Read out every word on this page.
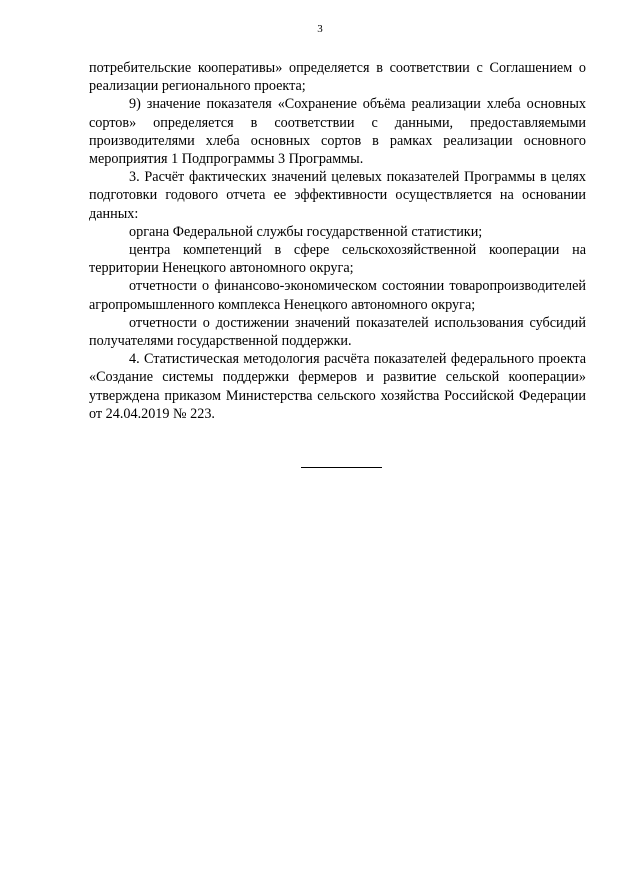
3

потребительские кооперативы» определяется в соответствии с Соглашением о реализации регионального проекта;

9) значение показателя «Сохранение объёма реализации хлеба основных сортов» определяется в соответствии с данными, предоставляемыми производителями хлеба основных сортов в рамках реализации основного мероприятия 1 Подпрограммы 3 Программы.

3. Расчёт фактических значений целевых показателей Программы в целях подготовки годового отчета ее эффективности осуществляется на основании данных:

органа Федеральной службы государственной статистики;

центра компетенций в сфере сельскохозяйственной кооперации на территории Ненецкого автономного округа;

отчетности о финансово-экономическом состоянии товаропроизводителей агропромышленного комплекса Ненецкого автономного округа;

отчетности о достижении значений показателей использования субсидий получателями государственной поддержки.

4. Статистическая методология расчёта показателей федерального проекта «Создание системы поддержки фермеров и развитие сельской кооперации» утверждена приказом Министерства сельского хозяйства Российской Федерации от 24.04.2019 № 223.
